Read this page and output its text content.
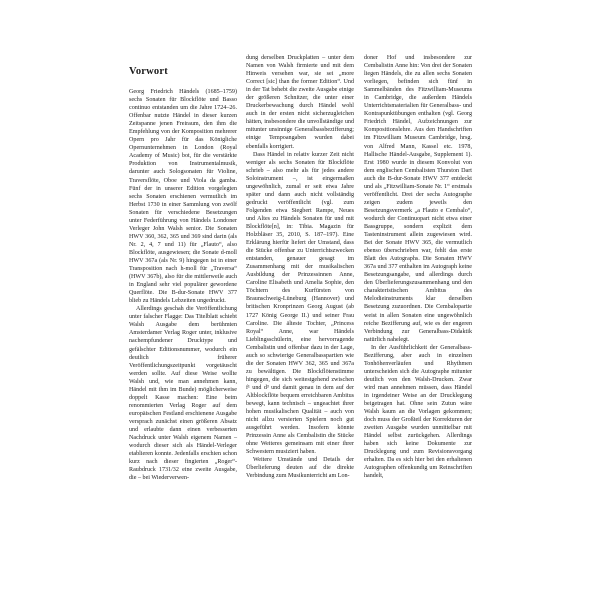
Vorwort

Georg Friedrich Händels (1685–1759) sechs Sonaten für Blockflöte und Basso continuo entstanden um die Jahre 1724–26. Offenbar nutzte Händel in dieser kurzen Zeitspanne jenen Freiraum, den ihm die Empfehlung von der Komposition mehrerer Opern pro Jahr für das Königliche Opernunternehmen in London (Royal Academy of Music) bot, für die verstärkte Produktion von Instrumentalmusik, darunter auch Sologsonaten für Violine, Traversflöte, Oboe und Viola da gamba. Fünf der in unserer Edition vorgelegten sechs Sonaten erschienen vermutlich im Herbst 1730 in einer Sammlung von zwölf Sonaten für verschiedene Besetzungen unter Federführung von Händels Londoner Verleger John Walsh senior. Die Sonaten HWV 360, 362, 365 und 369 sind darin (als Nr. 2, 4, 7 und 11) für „Flauto“, also Blockflöte, ausgewiesen; die Sonate d-moll HWV 367a (als Nr. 9) hingegen ist in einer Transposition nach h-moll für „Traversa“ (HWV 367b), also für die mittlerweile auch in England sehr viel populärer gewordene Querflöte. Die B-dur-Sonate HWV 377 blieb zu Händels Lebzeiten ungedruckt.

Allerdings geschah die Veröffentlichung unter falscher Flagge: Das Titelblatt schiebt Walsh Ausgabe dem berühmten Amsterdamer Verlag Roger unter, inklusive nachempfundener Drucktype und gefälschter Editionsnummer, wodurch ein deutlich früherer Veröffentlichungszeitpunkt vorgetäuscht werden sollte. Auf diese Weise wollte Walsh und, wie man annehmen kann, Händel mit ihm im Bunde) möglicherweise doppelt Kasse machen: Eine beim renommierten Verlag Roger auf dem europäischen Festland erschienene Ausgabe versprach zunächst einen größeren Absatz und erlaubte dann einen verbesserten Nachdruck unter Walsh eigenem Namen – wodurch dieser sich als Händel-Verleger etablieren konnte. Jedenfalls erschien schon kurz nach dieser fingierten „Roger“-Raubdruck 1731/32 eine zweite Ausgabe, die – bei Wiederverwen-

dung derselben Druckplatten – unter dem Namen von Walsh firmierte und mit dem Hinweis versehen war, sie sei „more Correct [sic] than the former Edition“. Und in der Tat behebt die zweite Ausgabe einige der größeren Schnitzer, die unter einer Druckerbewachung durch Händel wohl auch in der ersten nicht sicherzugleichen hätten, insbesondere die unvollständige und mitunter unsinnige Generalbassbezifferung; einige Tempoangaben wurden dabei ebenfalls korrigiert.

Dass Händel in relativ kurzer Zeit nicht weniger als sechs Sonaten für Blockflöte schrieb – also mehr als für jedes andere Soloinstrument –, ist eingermaßen ungewöhnlich, zumal er seit etwa Jahre später und dann auch nicht vollständig gedruckt veröffentlicht (vgl. zum Folgenden etwa Siegbert Rampe, Neues und Altes zu Händels Sonaten für und mit Blockflöte[n], in: Tibia. Magazin für Holzbläser 35, 2010, S. 187–197). Eine Erklärung hierfür liefert der Umstand, dass die Stücke offenbar zu Unterrichtszwecken entstanden, genauer gesagt im Zusammenhang mit der musikalischen Ausbildung der Prinzessinnen Anne, Caroline Elisabeth und Amelia Sophie, den Töchtern des Kurfürsten von Braunschweig-Lüneburg (Hannover) und britischen Kronprinzen Georg August (ab 1727 König George II.) und seiner Frau Caroline. Die älteste Tochter, „Princess Royal“ Anne, war Händels Lieblingsschülerin, eine hervorragende Cembalistin und offenbar dazu in der Lage, auch so schwierige Generalbasspartien wie die der Sonaten HWV 362, 365 und 367a zu bewältigen. Die Blockflötenstimme hingegen, die sich weitestgehend zwischen f¹ und d³ und damit genau in dem auf der Altblockflöte bequem erreichbaren Ambitus bewegt, kann technisch – ungeachtet ihrer hohen musikalischen Qualität – auch von nicht allzu versierten Spielern noch gut ausgeführt werden. Insofern könnte Prinzessin Anne als Cembalistin die Stücke ohne Weiteres gemeinsam mit einer ihrer Schwestern musiziert haben.

Weitere Umstände und Details der Überlieferung deuten auf die direkte Verbindung zum Musikunterricht am Lon-

doner Hof und insbesondere zur Cembalistin Anne hin: Von drei der Sonaten liegen Händels, die zu allen sechs Sonaten vorliegen, befinden sich fünf in Sammelbänden des Fitzwilliam-Museums in Cambridge, die außerdem Händels Unterrichtsmaterialien für Generalbass- und Kontrapunktübungen enthalten (vgl. Georg Friedrich Händel, Aufzeichnungen zur Kompositionslehre. Aus den Handschriften im Fitzwilliam Museum Cambridge, hrsg. von Alfred Mann, Kassel etc. 1978, Hallische Händel-Ausgabe, Supplement 1). Erst 1980 wurde in diesem Konvolut von dem englischen Cembalisten Thurston Dart auch die B-dur-Sonate HWV 377 entdeckt und als „Fitzwilliam-Sonate Nr. 1“ erstmals veröffentlicht. Drei der sechs Autographe zeigen zudem jeweils den Besetzungsvermerk „a Flauto e Cembalo“, wodurch der Continuopart nicht etwa einer Bassgruppe, sondern explizit dem Tasteninstrument allein zugewiesen wird. Bei der Sonate HWV 365, die vermutlich ebenso überschrieben war, fehlt das erste Blatt des Autographs. Die Sonaten HWV 367a und 377 enthalten im Autograph keine Besetzungsangabe, und allerdings durch den Überlieferungszusammenhang und den charakteristischen Ambitus des Melodieinstruments klar derselben Besetzung zuzuordnen. Die Cembalopartie weist in allen Sonaten eine ungewöhnlich reiche Bezifferung auf, wie es der engeren Verbindung zur Generalbass-Didaktik natürlich nahelegt.

In der Ausführlichkeit der Generalbass-Bezifferung, aber auch in einzelnen Tonhöhenverläufen und Rhythmen unterscheiden sich die Autographe mitunter deutlich von den Walsh-Drucken. Zwar wird man annehmen müssen, dass Händel in irgendeiner Weise an der Drucklegung beigetragen hat. Ohne sein Zutun wäre Walsh kaum an die Vorlagen gekommen; doch muss der Großteil der Korrekturen der zweiten Ausgabe wurden unmittelbar mit Händel selbst zurückgehen. Allerdings haben sich keine Dokumente zur Drucklegung und zum Revisionsvorgang erhalten. Da es sich hier bei den erhaltenen Autographen offenkundig um Reinschriften handelt,
